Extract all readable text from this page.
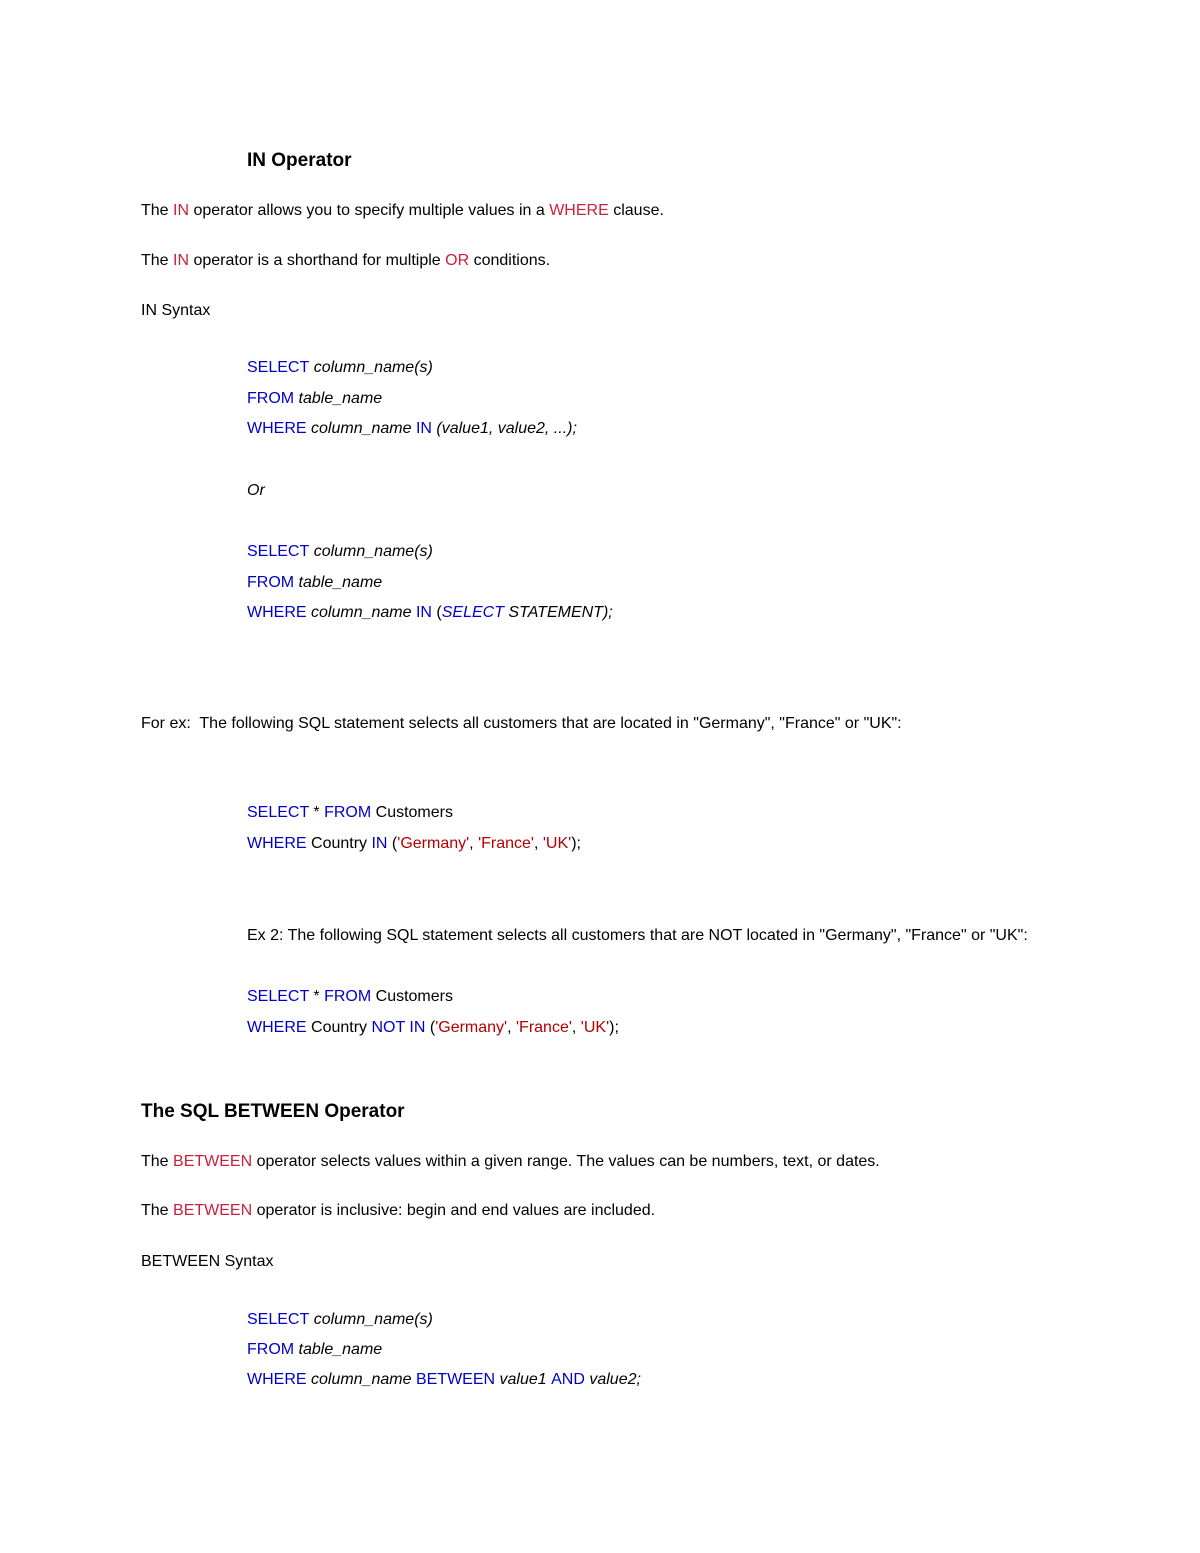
IN Operator
The IN operator allows you to specify multiple values in a WHERE clause.
The IN operator is a shorthand for multiple OR conditions.
IN Syntax
SELECT column_name(s)
FROM table_name
WHERE column_name IN (value1, value2, ...);
Or
SELECT column_name(s)
FROM table_name
WHERE column_name IN (SELECT STATEMENT);
For ex:  The following SQL statement selects all customers that are located in "Germany", "France" or "UK":
SELECT * FROM Customers
WHERE Country IN ('Germany', 'France', 'UK');
Ex 2: The following SQL statement selects all customers that are NOT located in "Germany", "France" or "UK":
SELECT * FROM Customers
WHERE Country NOT IN ('Germany', 'France', 'UK');
The SQL BETWEEN Operator
The BETWEEN operator selects values within a given range. The values can be numbers, text, or dates.
The BETWEEN operator is inclusive: begin and end values are included.
BETWEEN Syntax
SELECT column_name(s)
FROM table_name
WHERE column_name BETWEEN value1 AND value2;
